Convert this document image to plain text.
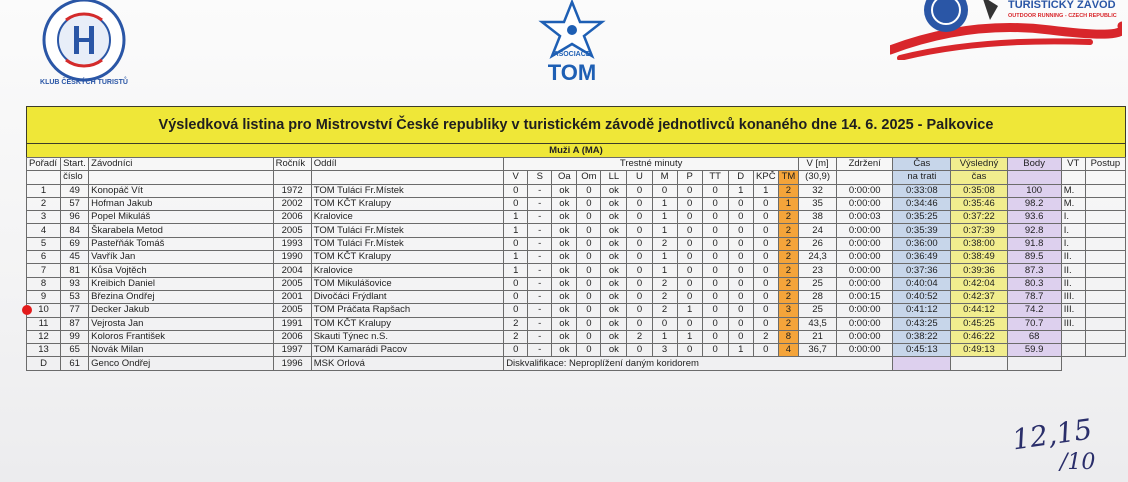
KLUB ČESKÝCH TURISTŮ
ASOCIACE
TOM
TURISTICKÝ ZÁVOD
OUTDOOR RUNNING - CZECH REPUBLIC
Výsledková listina pro Mistrovství České republiky v turistickém závodě jednotlivců konaného dne 14. 6. 2025 - Palkovice
Muži A (MA)
Pořadí	Start.	Závodníci	Ročník	Oddíl	Trestné minuty												V [m]	Zdržení	Čas	Výsledný	Body	VT	Postup
	číslo				V	S	Oa	Om	LL	U	M	P	TT	D	KPČ	TM	(30,9)		na trati	čas			
1	49	Konopáč Vít	1972	TOM Tuláci Fr.Místek	0	-	ok	0	ok	0	0	0	0	1	1	2	32	0:00:00	0:33:08	0:35:08	100	M.	
2	57	Hofman Jakub	2002	TOM KČT Kralupy	0	-	ok	0	ok	0	1	0	0	0	0	1	35	0:00:00	0:34:46	0:35:46	98.2	M.	
3	96	Popel Mikuláš	2006	Kralovice	1	-	ok	0	ok	0	1	0	0	0	0	2	38	0:00:03	0:35:25	0:37:22	93.6	I.	
4	84	Škarabela Metod	2005	TOM Tuláci Fr.Místek	1	-	ok	0	ok	0	1	0	0	0	0	2	24	0:00:00	0:35:39	0:37:39	92.8	I.	
5	69	Pasteřňák Tomáš	1993	TOM Tuláci Fr.Místek	0	-	ok	0	ok	0	2	0	0	0	0	2	26	0:00:00	0:36:00	0:38:00	91.8	I.	
6	45	Vavřík Jan	1990	TOM KČT Kralupy	1	-	ok	0	ok	0	1	0	0	0	0	2	24,3	0:00:00	0:36:49	0:38:49	89.5	II.	
7	81	Kůsa Vojtěch	2004	Kralovice	1	-	ok	0	ok	0	1	0	0	0	0	2	23	0:00:00	0:37:36	0:39:36	87.3	II.	
8	93	Kreibich Daniel	2005	TOM Mikulášovice	0	-	ok	0	ok	0	2	0	0	0	0	2	25	0:00:00	0:40:04	0:42:04	80.3	II.	
9	53	Březina Ondřej	2001	Divočáci Frýdlant	0	-	ok	0	ok	0	2	0	0	0	0	2	28	0:00:15	0:40:52	0:42:37	78.7	III.	
10	77	Decker Jakub	2005	TOM Práčata Rapšach	0	-	ok	0	ok	0	2	1	0	0	0	3	25	0:00:00	0:41:12	0:44:12	74.2	III.	
11	87	Vejrosta Jan	1991	TOM KČT Kralupy	2	-	ok	0	ok	0	0	0	0	0	0	2	43,5	0:00:00	0:43:25	0:45:25	70.7	III.	
12	99	Koloros František	2006	Skauti Týnec n.S.	2	-	ok	0	ok	2	1	1	0	0	2	8	21	0:00:00	0:38:22	0:46:22	68		
13	65	Novák Milan	1997	TOM Kamarádi Pacov	0	-	ok	0	ok	0	3	0	0	1	0	4	36,7	0:00:00	0:45:13	0:49:13	59.9		
D	61	Genco Ondřej	1996	MSK Orlová	Diskvalifikace: Neproplížení daným koridorem																		
12,15
/10
